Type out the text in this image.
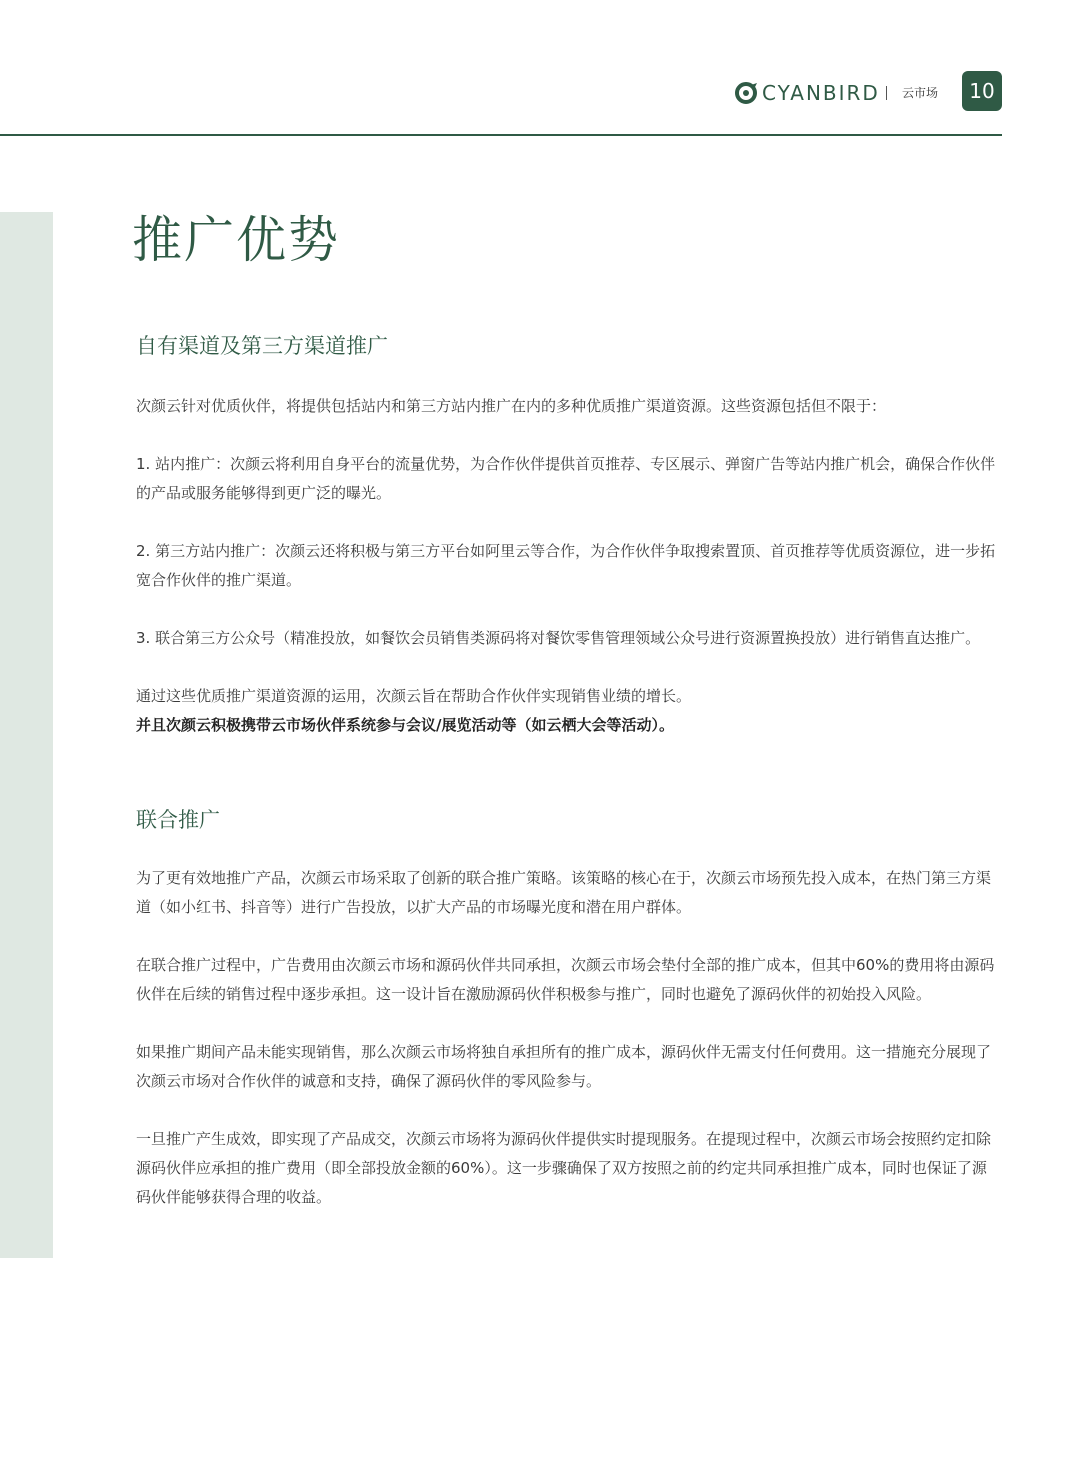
CYANBIRD 云市场	10
推广优势
自有渠道及第三方渠道推广

次颜云针对优质伙伴，将提供包括站内和第三方站内推广在内的多种优质推广渠道资源。这些资源包括但不限于：

1. 站内推广：次颜云将利用自身平台的流量优势，为合作伙伴提供首页推荐、专区展示、弹窗广告等站内推广机会，确保合作伙伴的产品或服务能够得到更广泛的曝光。

2. 第三方站内推广：次颜云还将积极与第三方平台如阿里云等合作，为合作伙伴争取搜索置顶、首页推荐等优质资源位，进一步拓宽合作伙伴的推广渠道。

3. 联合第三方公众号（精准投放，如餐饮会员销售类源码将对餐饮零售管理领域公众号进行资源置换投放）进行销售直达推广。

通过这些优质推广渠道资源的运用，次颜云旨在帮助合作伙伴实现销售业绩的增长。

并且次颜云积极携带云市场伙伴系统参与会议/展览活动等（如云栖大会等活动）。

联合推广

为了更有效地推广产品，次颜云市场采取了创新的联合推广策略。该策略的核心在于，次颜云市场预先投入成本，在热门第三方渠道（如小红书、抖音等）进行广告投放，以扩大产品的市场曝光度和潜在用户群体。

在联合推广过程中，广告费用由次颜云市场和源码伙伴共同承担，次颜云市场会垫付全部的推广成本，但其中60%的费用将由源码伙伴在后续的销售过程中逐步承担。这一设计旨在激励源码伙伴积极参与推广，同时也避免了源码伙伴的初始投入风险。

如果推广期间产品未能实现销售，那么次颜云市场将独自承担所有的推广成本，源码伙伴无需支付任何费用。这一措施充分展现了次颜云市场对合作伙伴的诚意和支持，确保了源码伙伴的零风险参与。

一旦推广产生成效，即实现了产品成交，次颜云市场将为源码伙伴提供实时提现服务。在提现过程中，次颜云市场会按照约定扣除源码伙伴应承担的推广费用（即全部投放金额的60%）。这一步骤确保了双方按照之前的约定共同承担推广成本，同时也保证了源码伙伴能够获得合理的收益。
